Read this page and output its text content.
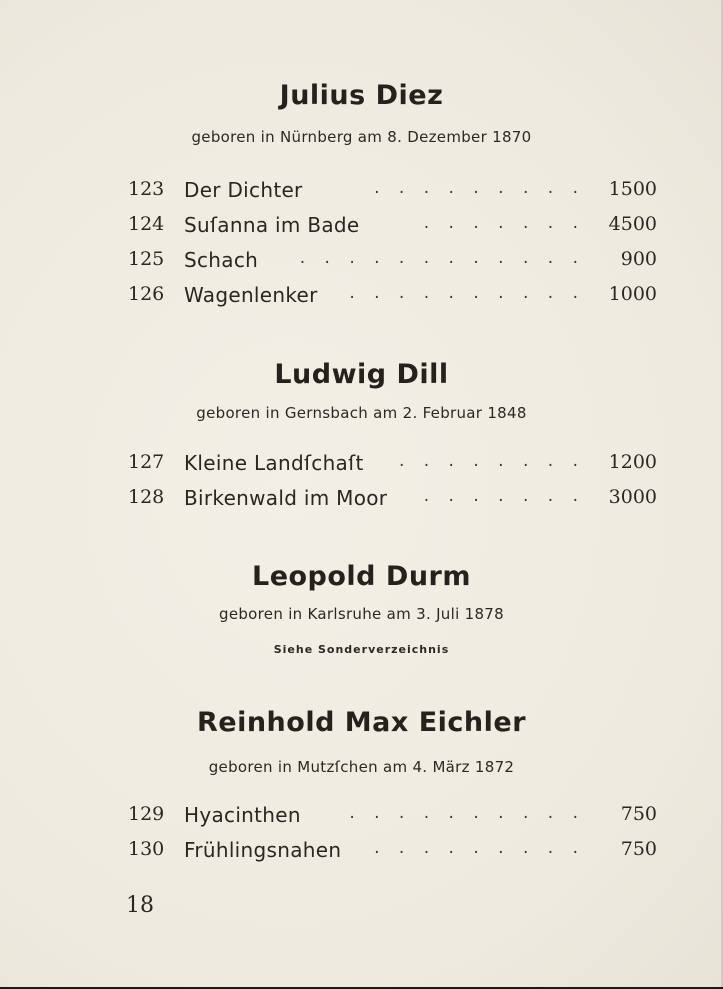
Julius Diez
geboren in Nürnberg am 8. Dezember 1870
123 Der Dichter	. . . . . . . . .	1500
124 Suſanna im Bade	. . . . . . .	4500
125 Schach . . . . . . . . . . . .	900
126 Wagenlenker . . . . . . . . . .	1000
Ludwig Dill
geboren in Gernsbach am 2. Februar 1848
127 Kleine Landſchaſt . . . . . . . .	1200
128 Birkenwald im Moor . . . . . . .	3000
Leopold Durm
geboren in Karlsruhe am 3. Juli 1878
Siehe Sonderverzeichnis
Reinhold Max Eichler
geboren in Mutzſchen am 4. März 1872
129 Hyacinthen	. . . . . . . . . .	750
130 Frühlingsnahen . . . . . . . . .	750
18
